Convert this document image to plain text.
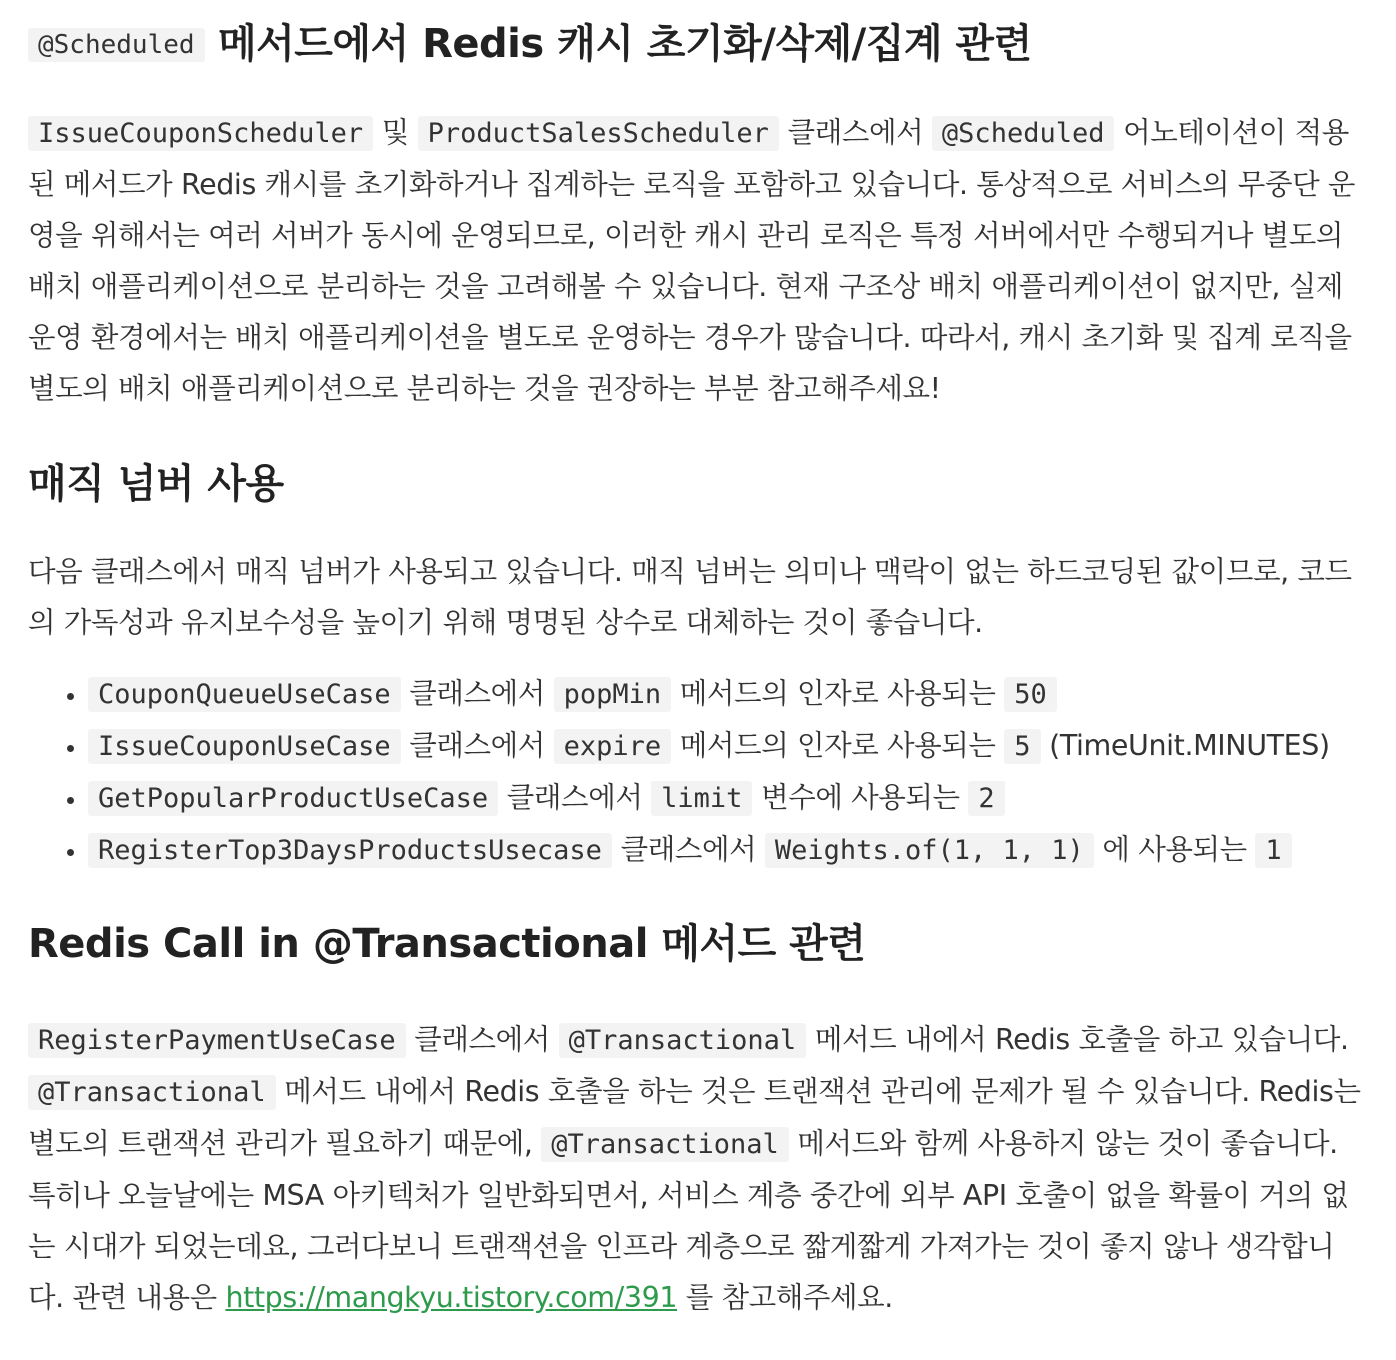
@Scheduled 메서드에서 Redis 캐시 초기화/삭제/집계 관련

IssueCouponScheduler 및 ProductSalesScheduler 클래스에서 @Scheduled 어노테이션이 적용된 메서드가 Redis 캐시를 초기화하거나 집계하는 로직을 포함하고 있습니다. 통상적으로 서비스의 무중단 운영을 위해서는 여러 서버가 동시에 운영되므로, 이러한 캐시 관리 로직은 특정 서버에서만 수행되거나 별도의 배치 애플리케이션으로 분리하는 것을 고려해볼 수 있습니다. 현재 구조상 배치 애플리케이션이 없지만, 실제 운영 환경에서는 배치 애플리케이션을 별도로 운영하는 경우가 많습니다. 따라서, 캐시 초기화 및 집계 로직을 별도의 배치 애플리케이션으로 분리하는 것을 권장하는 부분 참고해주세요!

매직 넘버 사용

다음 클래스에서 매직 넘버가 사용되고 있습니다. 매직 넘버는 의미나 맥락이 없는 하드코딩된 값이므로, 코드의 가독성과 유지보수성을 높이기 위해 명명된 상수로 대체하는 것이 좋습니다.

• CouponQueueUseCase 클래스에서 popMin 메서드의 인자로 사용되는 50
• IssueCouponUseCase 클래스에서 expire 메서드의 인자로 사용되는 5 (TimeUnit.MINUTES)
• GetPopularProductUseCase 클래스에서 limit 변수에 사용되는 2
• RegisterTop3DaysProductsUsecase 클래스에서 Weights.of(1, 1, 1) 에 사용되는 1
Redis Call in @Transactional 메서드 관련

RegisterPaymentUseCase 클래스에서 @Transactional 메서드 내에서 Redis 호출을 하고 있습니다. @Transactional 메서드 내에서 Redis 호출을 하는 것은 트랜잭션 관리에 문제가 될 수 있습니다. Redis는 별도의 트랜잭션 관리가 필요하기 때문에, @Transactional 메서드와 함께 사용하지 않는 것이 좋습니다. 특히나 오늘날에는 MSA 아키텍처가 일반화되면서, 서비스 계층 중간에 외부 API 호출이 없을 확률이 거의 없는 시대가 되었는데요, 그러다보니 트랜잭션을 인프라 계층으로 짧게짧게 가져가는 것이 좋지 않나 생각합니다. 관련 내용은 https://mangkyu.tistory.com/391 를 참고해주세요.
